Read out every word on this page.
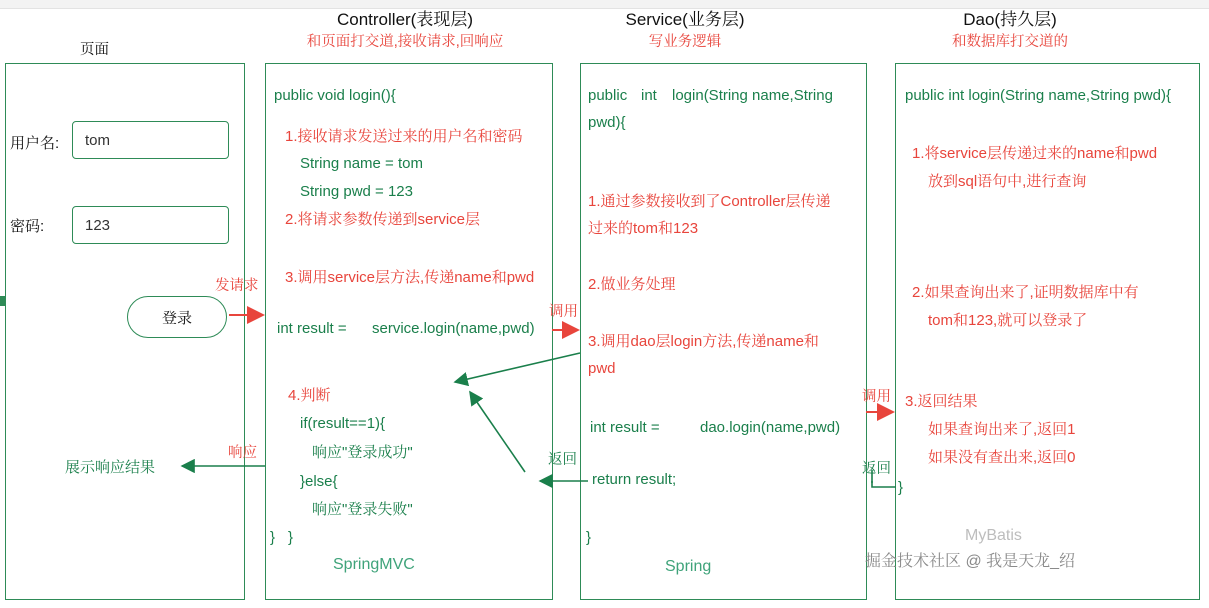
Controller(表现层)
和页面打交道,接收请求,回响应
Service(业务层)
写业务逻辑
Dao(持久层)
和数据库打交道的
页面
用户名:	tom
密码:	123
登录
展示响应结果
public void login(){
1.接收请求发送过来的用户名和密码
String name = tom
String pwd = 123
2.将请求参数传递到service层
3.调用service层方法,传递name和pwd
int result = service.login(name,pwd)
4.判断
if(result==1){
响应"登录成功"
}else{
响应"登录失败"
}
}
SpringMVC
public int login(String name,String
pwd){
1.通过参数接收到了Controller层传递
过来的tom和123
2.做业务处理
3.调用dao层login方法,传递name和
pwd
int result = dao.login(name,pwd)
return result;
}
Spring
public int login(String name,String pwd){
1.将service层传递过来的name和pwd
放到sql语句中,进行查询
2.如果查询出来了,证明数据库中有
tom和123,就可以登录了
3.返回结果
如果查询出来了,返回1
如果没有查出来,返回0
}
MyBatis
发请求
响应
调用
返回
调用
返回
掘金技术社区 @ 我是天龙_绍
